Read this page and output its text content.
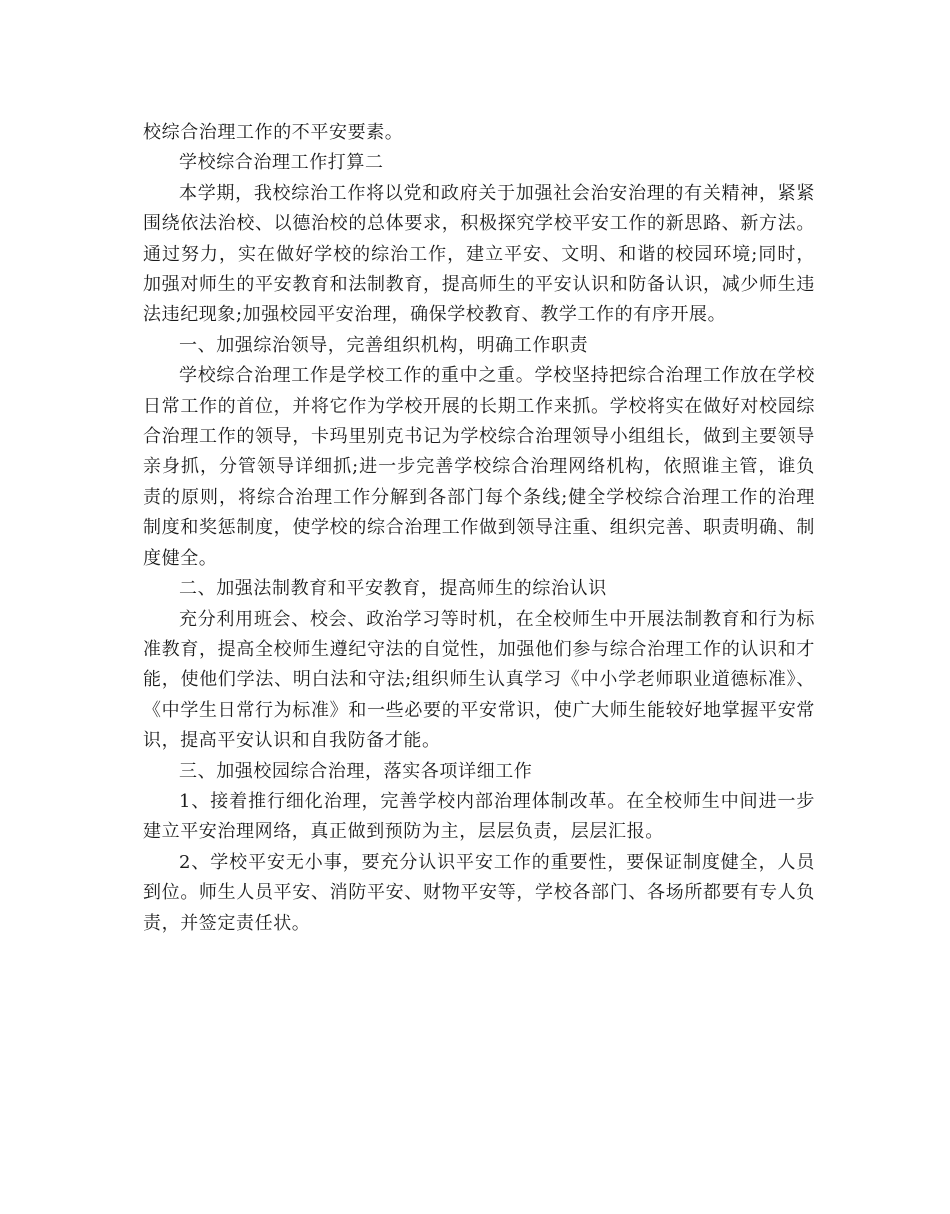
校综合治理工作的不平安要素。

学校综合治理工作打算二

本学期，我校综治工作将以党和政府关于加强社会治安治理的有关精神，紧紧围绕依法治校、以德治校的总体要求，积极探究学校平安工作的新思路、新方法。通过努力，实在做好学校的综治工作，建立平安、文明、和谐的校园环境;同时，加强对师生的平安教育和法制教育，提高师生的平安认识和防备认识，减少师生违法违纪现象;加强校园平安治理，确保学校教育、教学工作的有序开展。

一、加强综治领导，完善组织机构，明确工作职责

学校综合治理工作是学校工作的重中之重。学校坚持把综合治理工作放在学校日常工作的首位，并将它作为学校开展的长期工作来抓。学校将实在做好对校园综合治理工作的领导，卡玛里别克书记为学校综合治理领导小组组长，做到主要领导亲身抓，分管领导详细抓;进一步完善学校综合治理网络机构，依照谁主管，谁负责的原则，将综合治理工作分解到各部门每个条线;健全学校综合治理工作的治理制度和奖惩制度，使学校的综合治理工作做到领导注重、组织完善、职责明确、制度健全。

二、加强法制教育和平安教育，提高师生的综治认识

充分利用班会、校会、政治学习等时机，在全校师生中开展法制教育和行为标准教育，提高全校师生遵纪守法的自觉性，加强他们参与综合治理工作的认识和才能，使他们学法、明白法和守法;组织师生认真学习《中小学老师职业道德标准》、《中学生日常行为标准》和一些必要的平安常识，使广大师生能较好地掌握平安常识，提高平安认识和自我防备才能。

三、加强校园综合治理，落实各项详细工作

1、接着推行细化治理，完善学校内部治理体制改革。在全校师生中间进一步建立平安治理网络，真正做到预防为主，层层负责，层层汇报。

2、学校平安无小事，要充分认识平安工作的重要性，要保证制度健全，人员到位。师生人员平安、消防平安、财物平安等，学校各部门、各场所都要有专人负责，并签定责任状。
